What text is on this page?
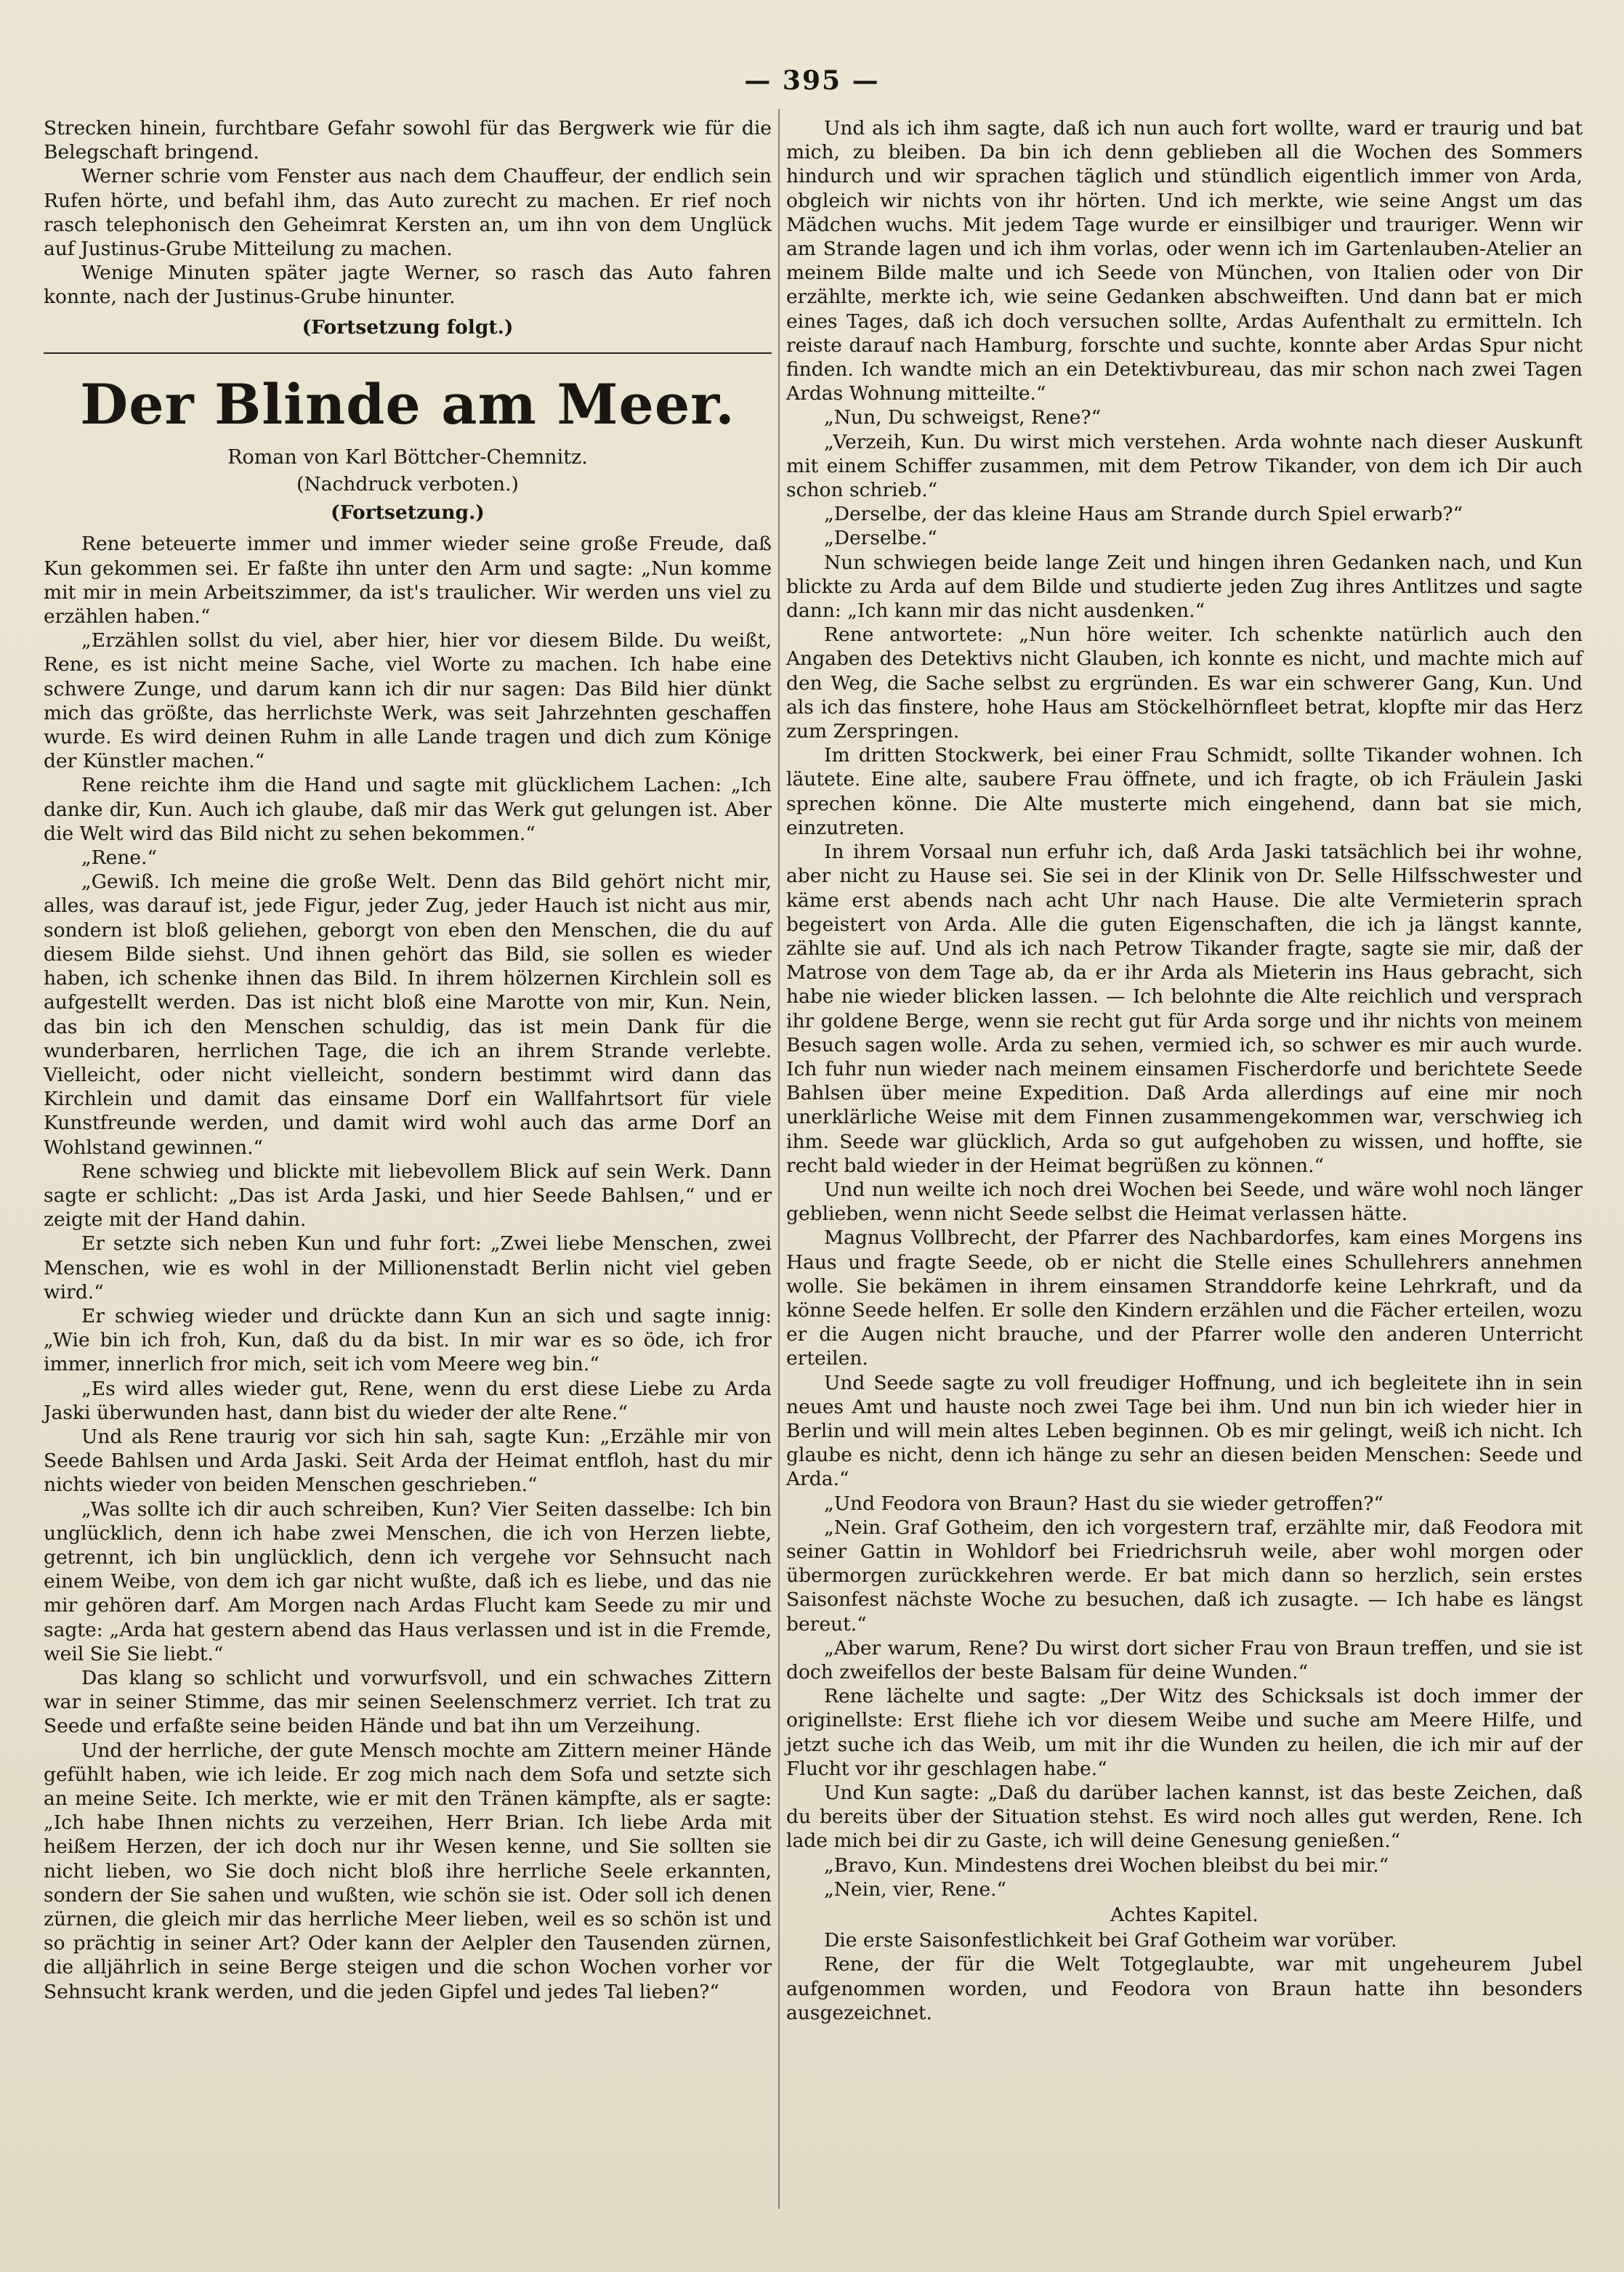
— 395 —

Strecken hinein, furchtbare Gefahr sowohl für das Bergwerk wie für die Belegschaft bringend.

Werner schrie vom Fenster aus nach dem Chauffeur, der endlich sein Rufen hörte, und befahl ihm, das Auto zurecht zu machen. Er rief noch rasch telephonisch den Geheimrat Kersten an, um ihn von dem Unglück auf Justinus-Grube Mitteilung zu machen.

Wenige Minuten später jagte Werner, so rasch das Auto fahren konnte, nach der Justinus-Grube hinunter.

(Fortsetzung folgt.)

Der Blinde am Meer.

Roman von Karl Böttcher-Chemnitz.

(Nachdruck verboten.)

(Fortsetzung.)

Rene beteuerte immer und immer wieder seine große Freude, daß Kun gekommen sei. Er faßte ihn unter den Arm und sagte: „Nun komme mit mir in mein Arbeitszimmer, da ist's traulicher. Wir werden uns viel zu erzählen haben.“

„Erzählen sollst du viel, aber hier, hier vor diesem Bilde. Du weißt, Rene, es ist nicht meine Sache, viel Worte zu machen. Ich habe eine schwere Zunge, und darum kann ich dir nur sagen: Das Bild hier dünkt mich das größte, das herrlichste Werk, was seit Jahrzehnten geschaffen wurde. Es wird deinen Ruhm in alle Lande tragen und dich zum Könige der Künstler machen.“

Rene reichte ihm die Hand und sagte mit glücklichem Lachen: „Ich danke dir, Kun. Auch ich glaube, daß mir das Werk gut gelungen ist. Aber die Welt wird das Bild nicht zu sehen bekommen.“

„Rene.“

„Gewiß. Ich meine die große Welt. Denn das Bild gehört nicht mir, alles, was darauf ist, jede Figur, jeder Zug, jeder Hauch ist nicht aus mir, sondern ist bloß geliehen, geborgt von eben den Menschen, die du auf diesem Bilde siehst. Und ihnen gehört das Bild, sie sollen es wieder haben, ich schenke ihnen das Bild. In ihrem hölzernen Kirchlein soll es aufgestellt werden. Das ist nicht bloß eine Marotte von mir, Kun. Nein, das bin ich den Menschen schuldig, das ist mein Dank für die wunderbaren, herrlichen Tage, die ich an ihrem Strande verlebte. Vielleicht, oder nicht vielleicht, sondern bestimmt wird dann das Kirchlein und damit das einsame Dorf ein Wallfahrtsort für viele Kunstfreunde werden, und damit wird wohl auch das arme Dorf an Wohlstand gewinnen.“

Rene schwieg und blickte mit liebevollem Blick auf sein Werk. Dann sagte er schlicht: „Das ist Arda Jaski, und hier Seede Bahlsen,“ und er zeigte mit der Hand dahin.

Er setzte sich neben Kun und fuhr fort: „Zwei liebe Menschen, zwei Menschen, wie es wohl in der Millionenstadt Berlin nicht viel geben wird.“

Er schwieg wieder und drückte dann Kun an sich und sagte innig: „Wie bin ich froh, Kun, daß du da bist. In mir war es so öde, ich fror immer, innerlich fror mich, seit ich vom Meere weg bin.“

„Es wird alles wieder gut, Rene, wenn du erst diese Liebe zu Arda Jaski überwunden hast, dann bist du wieder der alte Rene.“

Und als Rene traurig vor sich hin sah, sagte Kun: „Erzähle mir von Seede Bahlsen und Arda Jaski. Seit Arda der Heimat entfloh, hast du mir nichts wieder von beiden Menschen geschrieben.“

„Was sollte ich dir auch schreiben, Kun? Vier Seiten dasselbe: Ich bin unglücklich, denn ich habe zwei Menschen, die ich von Herzen liebte, getrennt, ich bin unglücklich, denn ich vergehe vor Sehnsucht nach einem Weibe, von dem ich gar nicht wußte, daß ich es liebe, und das nie mir gehören darf. Am Morgen nach Ardas Flucht kam Seede zu mir und sagte: „Arda hat gestern abend das Haus verlassen und ist in die Fremde, weil Sie Sie liebt.“

Das klang so schlicht und vorwurfsvoll, und ein schwaches Zittern war in seiner Stimme, das mir seinen Seelenschmerz verriet. Ich trat zu Seede und erfaßte seine beiden Hände und bat ihn um Verzeihung.

Und der herrliche, der gute Mensch mochte am Zittern meiner Hände gefühlt haben, wie ich leide. Er zog mich nach dem Sofa und setzte sich an meine Seite. Ich merkte, wie er mit den Tränen kämpfte, als er sagte: „Ich habe Ihnen nichts zu verzeihen, Herr Brian. Ich liebe Arda mit heißem Herzen, der ich doch nur ihr Wesen kenne, und Sie sollten sie nicht lieben, wo Sie doch nicht bloß ihre herrliche Seele erkannten, sondern der Sie sahen und wußten, wie schön sie ist. Oder soll ich denen zürnen, die gleich mir das herrliche Meer lieben, weil es so schön ist und so prächtig in seiner Art? Oder kann der Aelpler den Tausenden zürnen, die alljährlich in seine Berge steigen und die schon Wochen vorher vor Sehnsucht krank werden, und die jeden Gipfel und jedes Tal lieben?“

Und als ich ihm sagte, daß ich nun auch fort wollte, ward er traurig und bat mich, zu bleiben. Da bin ich denn geblieben all die Wochen des Sommers hindurch und wir sprachen täglich und stündlich eigentlich immer von Arda, obgleich wir nichts von ihr hörten. Und ich merkte, wie seine Angst um das Mädchen wuchs. Mit jedem Tage wurde er einsilbiger und trauriger. Wenn wir am Strande lagen und ich ihm vorlas, oder wenn ich im Gartenlauben-Atelier an meinem Bilde malte und ich Seede von München, von Italien oder von Dir erzählte, merkte ich, wie seine Gedanken abschweiften. Und dann bat er mich eines Tages, daß ich doch versuchen sollte, Ardas Aufenthalt zu ermitteln. Ich reiste darauf nach Hamburg, forschte und suchte, konnte aber Ardas Spur nicht finden. Ich wandte mich an ein Detektivbureau, das mir schon nach zwei Tagen Ardas Wohnung mitteilte.“

„Nun, Du schweigst, Rene?“

„Verzeih, Kun. Du wirst mich verstehen. Arda wohnte nach dieser Auskunft mit einem Schiffer zusammen, mit dem Petrow Tikander, von dem ich Dir auch schon schrieb.“

„Derselbe, der das kleine Haus am Strande durch Spiel erwarb?“

„Derselbe.“

Nun schwiegen beide lange Zeit und hingen ihren Gedanken nach, und Kun blickte zu Arda auf dem Bilde und studierte jeden Zug ihres Antlitzes und sagte dann: „Ich kann mir das nicht ausdenken.“

Rene antwortete: „Nun höre weiter. Ich schenkte natürlich auch den Angaben des Detektivs nicht Glauben, ich konnte es nicht, und machte mich auf den Weg, die Sache selbst zu ergründen. Es war ein schwerer Gang, Kun. Und als ich das finstere, hohe Haus am Stöckelhörnfleet betrat, klopfte mir das Herz zum Zerspringen.

Im dritten Stockwerk, bei einer Frau Schmidt, sollte Tikander wohnen. Ich läutete. Eine alte, saubere Frau öffnete, und ich fragte, ob ich Fräulein Jaski sprechen könne. Die Alte musterte mich eingehend, dann bat sie mich, einzutreten.

In ihrem Vorsaal nun erfuhr ich, daß Arda Jaski tatsächlich bei ihr wohne, aber nicht zu Hause sei. Sie sei in der Klinik von Dr. Selle Hilfsschwester und käme erst abends nach acht Uhr nach Hause. Die alte Vermieterin sprach begeistert von Arda. Alle die guten Eigenschaften, die ich ja längst kannte, zählte sie auf. Und als ich nach Petrow Tikander fragte, sagte sie mir, daß der Matrose von dem Tage ab, da er ihr Arda als Mieterin ins Haus gebracht, sich habe nie wieder blicken lassen. — Ich belohnte die Alte reichlich und versprach ihr goldene Berge, wenn sie recht gut für Arda sorge und ihr nichts von meinem Besuch sagen wolle. Arda zu sehen, vermied ich, so schwer es mir auch wurde. Ich fuhr nun wieder nach meinem einsamen Fischerdorfe und berichtete Seede Bahlsen über meine Expedition. Daß Arda allerdings auf eine mir noch unerklärliche Weise mit dem Finnen zusammengekommen war, verschwieg ich ihm. Seede war glücklich, Arda so gut aufgehoben zu wissen, und hoffte, sie recht bald wieder in der Heimat begrüßen zu können.“

Und nun weilte ich noch drei Wochen bei Seede, und wäre wohl noch länger geblieben, wenn nicht Seede selbst die Heimat verlassen hätte.

Magnus Vollbrecht, der Pfarrer des Nachbardorfes, kam eines Morgens ins Haus und fragte Seede, ob er nicht die Stelle eines Schullehrers annehmen wolle. Sie bekämen in ihrem einsamen Stranddorfe keine Lehrkraft, und da könne Seede helfen. Er solle den Kindern erzählen und die Fächer erteilen, wozu er die Augen nicht brauche, und der Pfarrer wolle den anderen Unterricht erteilen.

Und Seede sagte zu voll freudiger Hoffnung, und ich begleitete ihn in sein neues Amt und hauste noch zwei Tage bei ihm. Und nun bin ich wieder hier in Berlin und will mein altes Leben beginnen. Ob es mir gelingt, weiß ich nicht. Ich glaube es nicht, denn ich hänge zu sehr an diesen beiden Menschen: Seede und Arda.“

„Und Feodora von Braun? Hast du sie wieder getroffen?“

„Nein. Graf Gotheim, den ich vorgestern traf, erzählte mir, daß Feodora mit seiner Gattin in Wohldorf bei Friedrichsruh weile, aber wohl morgen oder übermorgen zurückkehren werde. Er bat mich dann so herzlich, sein erstes Saisonfest nächste Woche zu besuchen, daß ich zusagte. — Ich habe es längst bereut.“

„Aber warum, Rene? Du wirst dort sicher Frau von Braun treffen, und sie ist doch zweifellos der beste Balsam für deine Wunden.“

Rene lächelte und sagte: „Der Witz des Schicksals ist doch immer der originellste: Erst fliehe ich vor diesem Weibe und suche am Meere Hilfe, und jetzt suche ich das Weib, um mit ihr die Wunden zu heilen, die ich mir auf der Flucht vor ihr geschlagen habe.“

Und Kun sagte: „Daß du darüber lachen kannst, ist das beste Zeichen, daß du bereits über der Situation stehst. Es wird noch alles gut werden, Rene. Ich lade mich bei dir zu Gaste, ich will deine Genesung genießen.“

„Bravo, Kun. Mindestens drei Wochen bleibst du bei mir.“

„Nein, vier, Rene.“

Achtes Kapitel.

Die erste Saisonfestlichkeit bei Graf Gotheim war vorüber.

Rene, der für die Welt Totgeglaubte, war mit ungeheurem Jubel aufgenommen worden, und Feodora von Braun hatte ihn besonders ausgezeichnet.
